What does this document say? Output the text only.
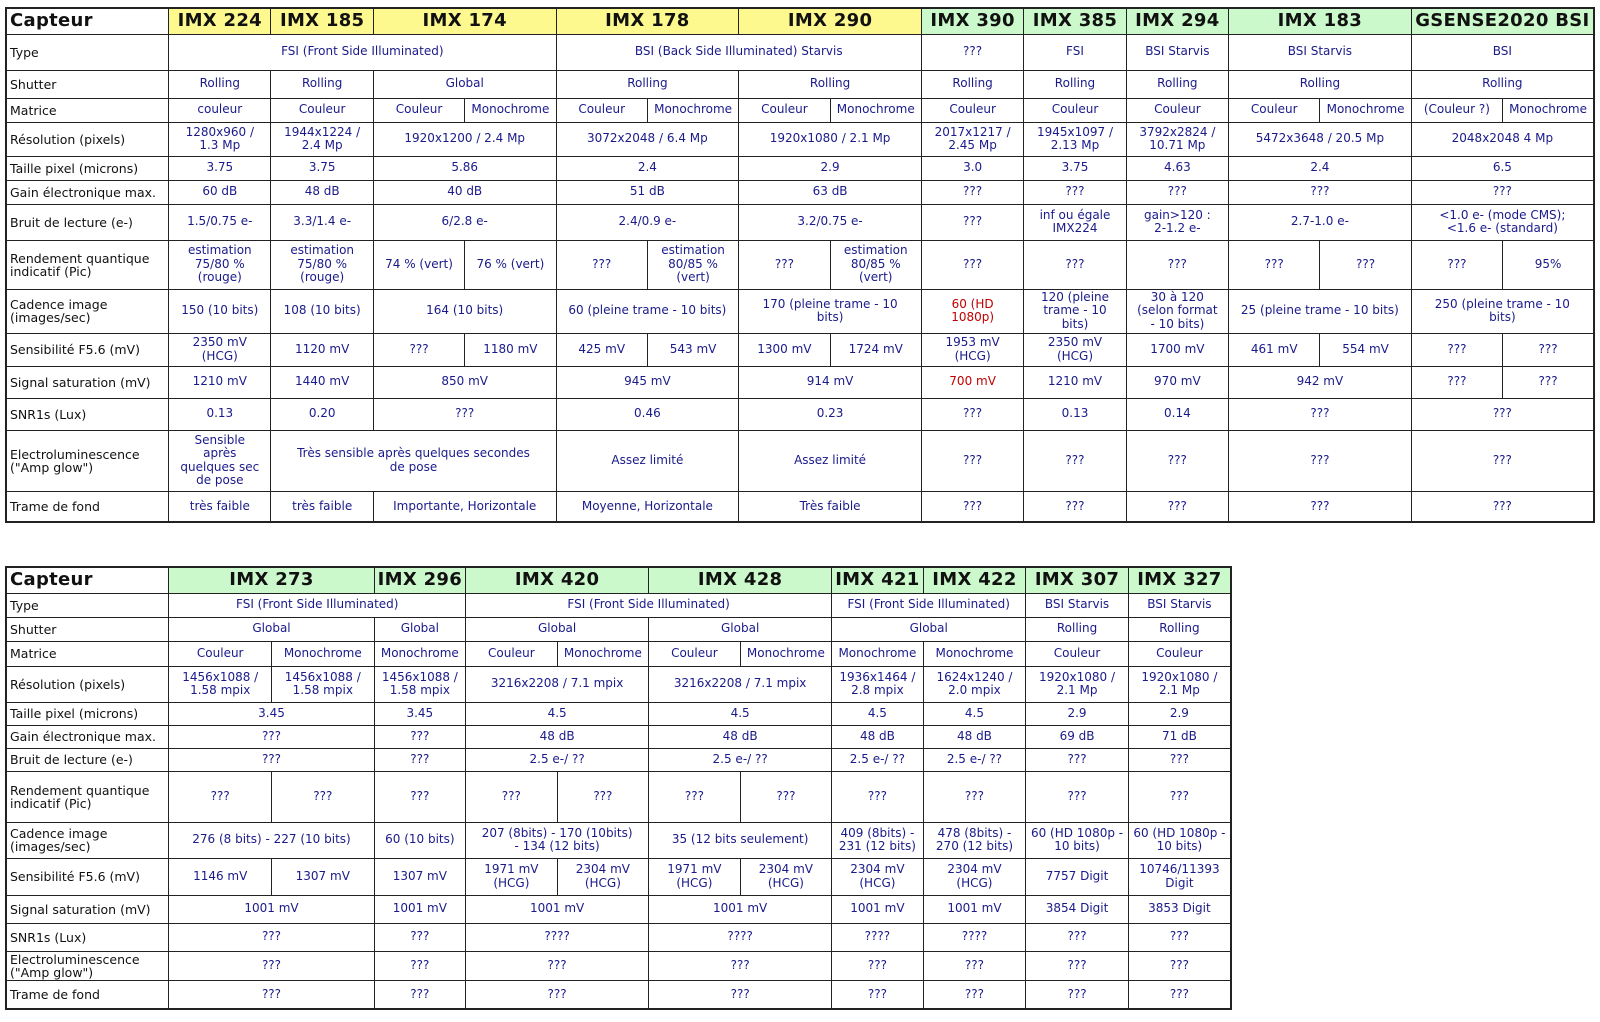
Capteur	IMX 224	IMX 185	IMX 174		IMX 178		IMX 290		IMX 390	IMX 385	IMX 294	IMX 183		GSENSE2020 BSI	
Type	FSI (Front Side Illuminated)				BSI (Back Side Illuminated) Starvis				???	FSI	BSI Starvis	BSI Starvis		BSI	
Shutter	Rolling	Rolling	Global		Rolling		Rolling		Rolling	Rolling	Rolling	Rolling		Rolling	
Matrice	couleur	Couleur	Couleur	Monochrome	Couleur	Monochrome	Couleur	Monochrome	Couleur	Couleur	Couleur	Couleur	Monochrome	(Couleur ?)	Monochrome
Résolution (pixels)	1280x960 /
1.3 Mp	1944x1224 /
2.4 Mp	1920x1200 / 2.4 Mp		3072x2048 / 6.4 Mp		1920x1080 / 2.1 Mp		2017x1217 /
2.45 Mp	1945x1097 /
2.13 Mp	3792x2824 /
10.71 Mp	5472x3648 / 20.5 Mp		2048x2048 4 Mp	
Taille pixel (microns)	3.75	3.75	5.86		2.4		2.9		3.0	3.75	4.63	2.4		6.5	
Gain électronique max.	60 dB	48 dB	40 dB		51 dB		63 dB		???	???	???	???		???	
Bruit de lecture (e-)	1.5/0.75 e-	3.3/1.4 e-	6/2.8 e-		2.4/0.9 e-		3.2/0.75 e-		???	inf ou égale
IMX224	gain>120 :
2-1.2 e-	2.7-1.0 e-		<1.0 e- (mode CMS);
<1.6 e- (standard)	
Rendement quantique
indicatif (Pic)	estimation
75/80 %
(rouge)	estimation
75/80 %
(rouge)	74 % (vert)	76 % (vert)	???	estimation
80/85 %
(vert)	???	estimation
80/85 %
(vert)	???	???	???	???	???	???	95%
Cadence image
(images/sec)	150 (10 bits)	108 (10 bits)	164 (10 bits)		60 (pleine trame - 10 bits)		170 (pleine trame - 10
bits)		60 (HD
1080p)	120 (pleine
trame - 10
bits)	30 à 120
(selon format
- 10 bits)	25 (pleine trame - 10 bits)		250 (pleine trame - 10
bits)	
Sensibilité F5.6 (mV)	2350 mV
(HCG)	1120 mV	???	1180 mV	425 mV	543 mV	1300 mV	1724 mV	1953 mV
(HCG)	2350 mV
(HCG)	1700 mV	461 mV	554 mV	???	???
Signal saturation (mV)	1210 mV	1440 mV	850 mV		945 mV		914 mV		700 mV	1210 mV	970 mV	942 mV		???	???
SNR1s (Lux)	0.13	0.20	???		0.46		0.23		???	0.13	0.14	???		???	
Electroluminescence
("Amp glow")	Sensible
après
quelques sec
de pose	Très sensible après quelques secondes
de pose			Assez limité		Assez limité		???	???	???	???		???	
Trame de fond	très faible	très faible	Importante, Horizontale		Moyenne, Horizontale		Très faible		???	???	???	???		???	
Capteur	IMX 273		IMX 296	IMX 420		IMX 428		IMX 421	IMX 422	IMX 307	IMX 327
Type	FSI (Front Side Illuminated)			FSI (Front Side Illuminated)				FSI (Front Side Illuminated)		BSI Starvis	BSI Starvis
Shutter	Global		Global	Global		Global		Global		Rolling	Rolling
Matrice	Couleur	Monochrome	Monochrome	Couleur	Monochrome	Couleur	Monochrome	Monochrome	Monochrome	Couleur	Couleur
Résolution (pixels)	1456x1088 /
1.58 mpix	1456x1088 /
1.58 mpix	1456x1088 /
1.58 mpix	3216x2208 / 7.1 mpix		3216x2208 / 7.1 mpix		1936x1464 /
2.8 mpix	1624x1240 /
2.0 mpix	1920x1080 /
2.1 Mp	1920x1080 /
2.1 Mp
Taille pixel (microns)	3.45		3.45	4.5		4.5		4.5	4.5	2.9	2.9
Gain électronique max.	???		???	48 dB		48 dB		48 dB	48 dB	69 dB	71 dB
Bruit de lecture (e-)	???		???	2.5 e-/ ??		2.5 e-/ ??		2.5 e-/ ??	2.5 e-/ ??	???	???
Rendement quantique
indicatif (Pic)	???	???	???	???	???	???	???	???	???	???	???
Cadence image
(images/sec)	276 (8 bits) - 227 (10 bits)		60 (10 bits)	207 (8bits) - 170 (10bits)
- 134 (12 bits)		35 (12 bits seulement)		409 (8bits) -
231 (12 bits)	478 (8bits) -
270 (12 bits)	60 (HD 1080p -
10 bits)	60 (HD 1080p -
10 bits)
Sensibilité F5.6 (mV)	1146 mV	1307 mV	1307 mV	1971 mV
(HCG)	2304 mV
(HCG)	1971 mV
(HCG)	2304 mV
(HCG)	2304 mV
(HCG)	2304 mV
(HCG)	7757 Digit	10746/11393
Digit
Signal saturation (mV)	1001 mV		1001 mV	1001 mV		1001 mV		1001 mV	1001 mV	3854 Digit	3853 Digit
SNR1s (Lux)	???		???	????		????		????	????	???	???
Electroluminescence
("Amp glow")	???		???	???		???		???	???	???	???
Trame de fond	???		???	???		???		???	???	???	???
